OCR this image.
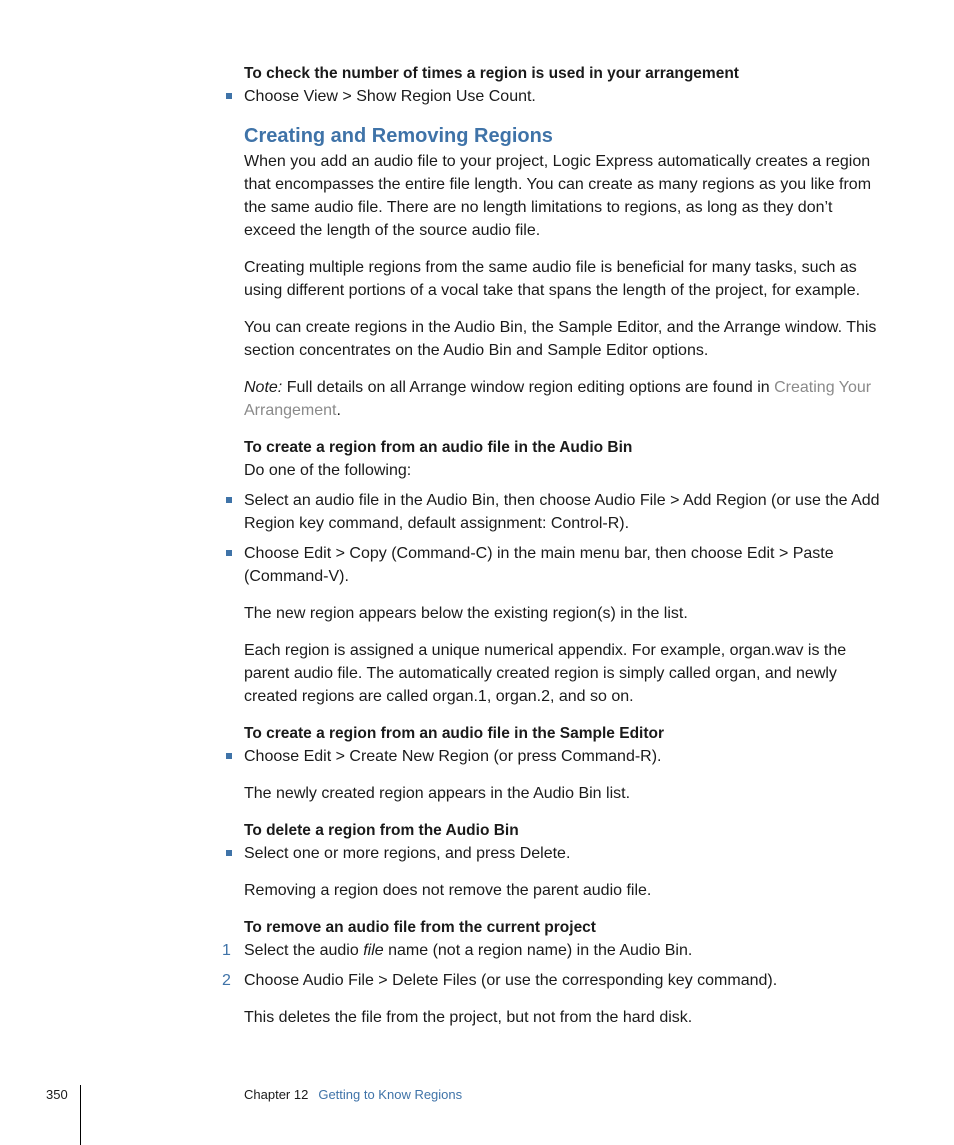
To check the number of times a region is used in your arrangement

Choose View > Show Region Use Count.
Creating and Removing Regions

When you add an audio file to your project, Logic Express automatically creates a region that encompasses the entire file length. You can create as many regions as you like from the same audio file. There are no length limitations to regions, as long as they don’t exceed the length of the source audio file.

Creating multiple regions from the same audio file is beneficial for many tasks, such as using different portions of a vocal take that spans the length of the project, for example.

You can create regions in the Audio Bin, the Sample Editor, and the Arrange window. This section concentrates on the Audio Bin and Sample Editor options.

Note: Full details on all Arrange window region editing options are found in Creating Your Arrangement.

To create a region from an audio file in the Audio Bin

Do one of the following:

Select an audio file in the Audio Bin, then choose Audio File > Add Region (or use the Add Region key command, default assignment: Control-R).
Choose Edit > Copy (Command-C) in the main menu bar, then choose Edit > Paste (Command-V).

The new region appears below the existing region(s) in the list.

Each region is assigned a unique numerical appendix. For example, organ.wav is the parent audio file. The automatically created region is simply called organ, and newly created regions are called organ.1, organ.2, and so on.

To create a region from an audio file in the Sample Editor

Choose Edit > Create New Region (or press Command-R).

The newly created region appears in the Audio Bin list.

To delete a region from the Audio Bin

Select one or more regions, and press Delete.

Removing a region does not remove the parent audio file.

To remove an audio file from the current project

1 Select the audio file name (not a region name) in the Audio Bin.
2 Choose Audio File > Delete Files (or use the corresponding key command).

This deletes the file from the project, but not from the hard disk.

350	Chapter 12 Getting to Know Regions
